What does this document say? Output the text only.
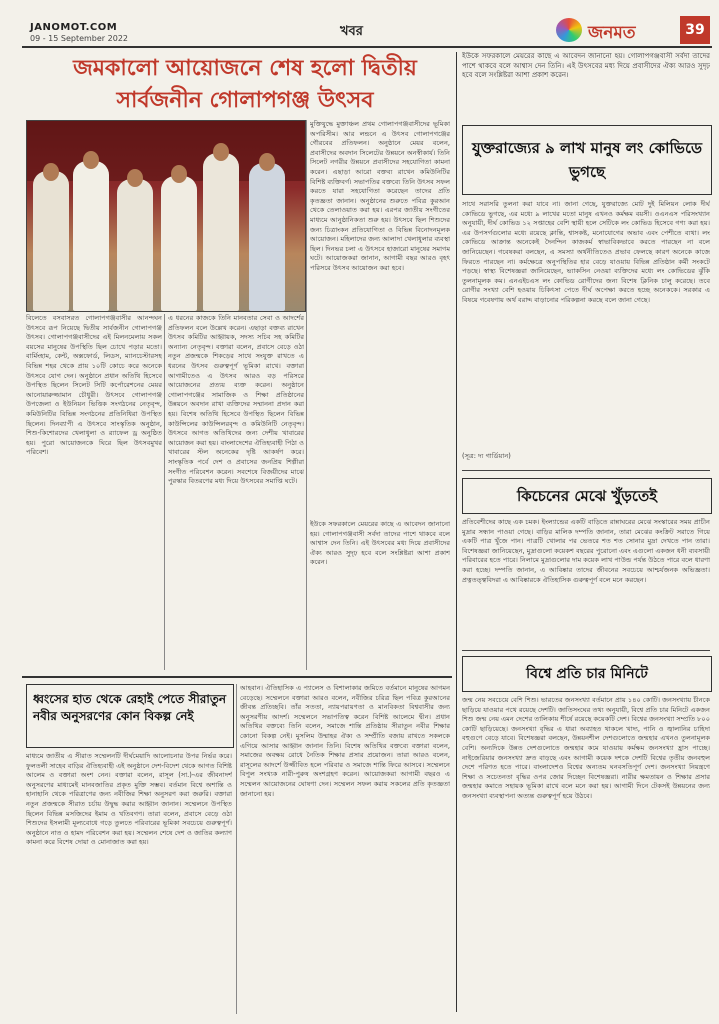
JANOMOT.COM
09 - 15 September 2022	খবর	জনমত	39
জমকালো আয়োজনে শেষ হলো দ্বিতীয় সার্বজনীন গোলাপগঞ্জ উৎসব
মুক্তিযুদ্ধে মুক্তাঞ্চল প্রথম গোলাপগঞ্জবাসীদের ভূমিকা অপরিসীম। আর লন্ডনে এ উৎসব গোলাপগঞ্জের গৌরবের প্রতিফলন। অনুষ্ঠানে মেয়র বলেন, প্রবাসীদের অবদান সিলেটের উন্নয়নে অনস্বীকার্য। তিনি সিলেট নগরীর উন্নয়নে প্রবাসীদের সহযোগিতা কামনা করেন। এছাড়া আরো বক্তব্য রাখেন কমিউনিটির বিশিষ্ট ব্যক্তিবর্গ। সভাপতির বক্তব্যে তিনি উৎসব সফল করতে যারা সহযোগিতা করেছেন তাদের প্রতি কৃতজ্ঞতা জানান। অনুষ্ঠানের শুরুতে পবিত্র কুরআন থেকে তেলাওয়াত করা হয়। এরপর জাতীয় সংগীতের মাধ্যমে আনুষ্ঠানিকতা শুরু হয়। উৎসবে ছিল শিশুদের জন্য চিত্রাংকন প্রতিযোগিতা ও বিভিন্ন বিনোদনমূলক আয়োজন। মহিলাদের জন্য আলাদা খেলাধুলার ব্যবস্থা ছিল। দিনভর চলা এ উৎসবে হাজারো মানুষের সমাগম ঘটে। আয়োজকরা জানান, আগামী বছর আরও বৃহৎ পরিসরে উৎসব আয়োজন করা হবে।
বিলেতে বসবাসরত গোলাপগঞ্জবাসীর আনন্দঘন উৎসবে রূপ নিয়েছে দ্বিতীয় সার্বজনীন গোলাপগঞ্জ উৎসব। গোলাপগঞ্জবাসীদের এই মিলনমেলায় সকল বয়সের মানুষের উপস্থিতি ছিল চোখে পড়ার মতো। বার্মিংহাম, কেন্ট, অক্সফোর্ড, লিডস, ম্যানচেস্টারসহ বিভিন্ন শহর থেকে প্রায় ১০টি কোচে করে অনেকে উৎসবে যোগ দেন। অনুষ্ঠানে প্রধান অতিথি হিসেবে উপস্থিত ছিলেন সিলেট সিটি কর্পোরেশনের মেয়র আনোয়ারুজ্জামান চৌধুরী। উৎসবে গোলাপগঞ্জ উপজেলা ও ইউনিয়ন ভিত্তিক সংগঠনের নেতৃবৃন্দ, কমিউনিটির বিভিন্ন সংগঠনের প্রতিনিধিরা উপস্থিত ছিলেন। দিনব্যাপী এ উৎসবে সাংস্কৃতিক অনুষ্ঠান, শিশু-কিশোরদের খেলাধুলা ও র‍্যাফেল ড্র অনুষ্ঠিত হয়। পুরো আয়োজনকে ঘিরে ছিল উৎসবমুখর পরিবেশ।
এ ধরনের কাজকে তিনি মানবতার সেবা ও আদর্শের প্রতিফলন বলে উল্লেখ করেন। এছাড়া বক্তব্য রাখেন উৎসব কমিটির আহ্বায়ক, সদস্য সচিব সহ কমিটির অন্যান্য নেতৃবৃন্দ। বক্তারা বলেন, প্রবাসে বেড়ে ওঠা নতুন প্রজন্মকে শিকড়ের সাথে সংযুক্ত রাখতে এ ধরনের উৎসব গুরুত্বপূর্ণ ভূমিকা রাখে। বক্তারা আগামীতেও এ উৎসব আরও বড় পরিসরে আয়োজনের প্রত্যয় ব্যক্ত করেন। অনুষ্ঠানে গোলাপগঞ্জের সামাজিক ও শিক্ষা প্রতিষ্ঠানের উন্নয়নে অবদান রাখা ব্যক্তিদের সম্মাননা প্রদান করা হয়। বিশেষ অতিথি হিসেবে উপস্থিত ছিলেন বিভিন্ন কাউন্সিলের কাউন্সিলরবৃন্দ ও কমিউনিটি নেতৃবৃন্দ। উৎসবে আগত অতিথিদের জন্য দেশীয় খাবারের আয়োজন করা হয়। বাংলাদেশের ঐতিহ্যবাহী পিঠা ও খাবারের স্টল অনেকের দৃষ্টি আকর্ষণ করে। সাংস্কৃতিক পর্বে দেশ ও প্রবাসের জনপ্রিয় শিল্পীরা সংগীত পরিবেশন করেন। সবশেষে বিজয়ীদের মাঝে পুরস্কার বিতরণের মধ্য দিয়ে উৎসবের সমাপ্তি ঘটে।
ইউকে সফরকালে মেয়রের কাছে এ আবেদন জানানো হয়। গোলাপগঞ্জবাসী সর্বদা তাদের পাশে থাকবে বলে আশ্বাস দেন তিনি। এই উৎসবের মধ্য দিয়ে প্রবাসীদের ঐক্য আরও সুদৃঢ় হবে বলে সংশ্লিষ্টরা আশা প্রকাশ করেন।
ইউকে সফরকালে মেয়রের কাছে এ আবেদন জানানো হয়। গোলাপগঞ্জবাসী সর্বদা তাদের পাশে থাকবে বলে আশ্বাস দেন তিনি। এই উৎসবের মধ্য দিয়ে প্রবাসীদের ঐক্য আরও সুদৃঢ় হবে বলে সংশ্লিষ্টরা আশা প্রকাশ করেন।
যুক্তরাজ্যের ৯ লাখ মানুষ লং কোভিডে ভুগছে
সাথে সরাসরি তুলনা করা যাবে না। জানা গেছে, যুক্তরাজ্যে মোট দুই মিলিয়ন লোক দীর্ঘ কোভিডে ভুগছে, এর মধ্যে ৯ লাখের মতো মানুষ এখনও কর্মক্ষম বয়সী। ওএনএস পরিসংখ্যান অনুযায়ী, দীর্ঘ কোভিড ১২ সপ্তাহের বেশি স্থায়ী হলে সেটিকে লং কোভিড হিসেবে গণ্য করা হয়। এর উপসর্গগুলোর মধ্যে রয়েছে ক্লান্তি, শ্বাসকষ্ট, মনোযোগের অভাব এবং পেশীতে ব্যথা। লং কোভিডে আক্রান্ত অনেকেই দৈনন্দিন কাজকর্ম স্বাভাবিকভাবে করতে পারছেন না বলে জানিয়েছেন। গবেষকরা বলছেন, এ সমস্যা অর্থনীতিতেও প্রভাব ফেলছে কারণ অনেকে কাজে ফিরতে পারছেন না। কর্মক্ষেত্রে অনুপস্থিতির হার বেড়ে যাওয়ায় বিভিন্ন প্রতিষ্ঠান কর্মী সংকটে পড়ছে। স্বাস্থ্য বিশেষজ্ঞরা জানিয়েছেন, ভ্যাকসিন নেওয়া ব্যক্তিদের মধ্যে লং কোভিডের ঝুঁকি তুলনামূলক কম। এনএইচএস লং কোভিড রোগীদের জন্য বিশেষ ক্লিনিক চালু করেছে। তবে রোগীর সংখ্যা বেশি হওয়ায় চিকিৎসা পেতে দীর্ঘ অপেক্ষা করতে হচ্ছে অনেককে। সরকার এ বিষয়ে গবেষণায় অর্থ বরাদ্দ বাড়ানোর পরিকল্পনা করছে বলে জানা গেছে।
(সূত্র: দ্য গার্ডিয়ান)
কিচেনের মেঝে খুঁড়তেই
প্রতিবেশীদের কাছে এক চমক। ইংল্যান্ডের একটি বাড়িতে রান্নাঘরের মেঝে সংস্কারের সময় প্রাচীন মুদ্রার সন্ধান পাওয়া গেছে। বাড়ির মালিক দম্পতি জানান, তারা মেঝের কংক্রিট সরাতে গিয়ে একটি পাত্র খুঁজে পান। পাত্রটি খোলার পর ভেতরে শত শত সোনার মুদ্রা দেখতে পান তারা। বিশেষজ্ঞরা জানিয়েছেন, মুদ্রাগুলো কয়েকশ বছরের পুরোনো এবং এগুলো একজন ধনী ব্যবসায়ী পরিবারের হতে পারে। নিলামে মুদ্রাগুলোর দাম কয়েক লাখ পাউন্ড পর্যন্ত উঠতে পারে বলে ধারণা করা হচ্ছে। দম্পতি জানান, এ আবিষ্কার তাদের জীবনের সবচেয়ে আশ্চর্যজনক অভিজ্ঞতা। প্রত্নতত্ত্ববিদরা এ আবিষ্কারকে ঐতিহাসিক গুরুত্বপূর্ণ বলে মনে করছেন।
বিশ্বে প্রতি চার মিনিটে
জন্ম নেয় সবচেয়ে বেশি শিশু। ভারতের জনসংখ্যা বর্তমানে প্রায় ১৪০ কোটি। জনসংখ্যায় চীনকে ছাড়িয়ে যাওয়ার পথে রয়েছে দেশটি। জাতিসংঘের তথ্য অনুযায়ী, বিশ্বে প্রতি চার মিনিটে একজন শিশু জন্ম নেয় এমন দেশের তালিকায় শীর্ষে রয়েছে কয়েকটি দেশ। বিশ্বের জনসংখ্যা সম্প্রতি ৮০০ কোটি ছাড়িয়েছে। জনসংখ্যা বৃদ্ধির এ ধারা অব্যাহত থাকলে খাদ্য, পানি ও জ্বালানির চাহিদা বহুগুণে বেড়ে যাবে। বিশেষজ্ঞরা বলছেন, উন্নয়নশীল দেশগুলোতে জন্মহার এখনও তুলনামূলক বেশি। অন্যদিকে উন্নত দেশগুলোতে জন্মহার কমে যাওয়ায় কর্মক্ষম জনসংখ্যা হ্রাস পাচ্ছে। নাইজেরিয়ার জনসংখ্যা দ্রুত বাড়ছে এবং আগামী কয়েক দশকে দেশটি বিশ্বের তৃতীয় জনবহুল দেশে পরিণত হতে পারে। বাংলাদেশও বিশ্বের অন্যতম ঘনবসতিপূর্ণ দেশ। জনসংখ্যা নিয়ন্ত্রণে শিক্ষা ও সচেতনতা বৃদ্ধির ওপর জোর দিচ্ছেন বিশেষজ্ঞরা। নারীর ক্ষমতায়ন ও শিক্ষার প্রসার জন্মহার কমাতে সহায়ক ভূমিকা রাখে বলে মনে করা হয়। আগামী দিনে টেকসই উন্নয়নের জন্য জনসংখ্যা ব্যবস্থাপনা অত্যন্ত গুরুত্বপূর্ণ হয়ে উঠবে।
ধ্বংসের হাত থেকে রেহাই পেতে সীরাতুন নবীর অনুসরণের কোন বিকল্প নেই
মাধ্যমে জাতীয় এ সীরাত সম্মেলনটি দীর্ঘমেয়াদি আলোচনার উপর নির্ভর করে। ফুলতলী সাহেব বাড়ির ঐতিহ্যবাহী এই অনুষ্ঠানে দেশ-বিদেশ থেকে আগত বিশিষ্ট আলেম ও বক্তারা অংশ নেন। বক্তারা বলেন, রাসূল (সা.)-এর জীবনাদর্শ অনুসরণের মাধ্যমেই মানবজাতির প্রকৃত মুক্তি সম্ভব। বর্তমান বিশ্বে অশান্তি ও হানাহানি থেকে পরিত্রাণের জন্য নবীজির শিক্ষা অনুসরণ করা জরুরি। বক্তারা নতুন প্রজন্মকে সীরাত চর্চায় উদ্বুদ্ধ করার আহ্বান জানান। সম্মেলনে উপস্থিত ছিলেন বিভিন্ন মসজিদের ইমাম ও খতিবগণ। তারা বলেন, প্রবাসে বেড়ে ওঠা শিশুদের ইসলামী মূল্যবোধে গড়ে তুলতে পরিবারের ভূমিকা সবচেয়ে গুরুত্বপূর্ণ। অনুষ্ঠানে নাত ও হামদ পরিবেশন করা হয়। সম্মেলন শেষে দেশ ও জাতির কল্যাণ কামনা করে বিশেষ দোয়া ও মোনাজাত করা হয়।
আহবান। ঐতিহাসিক এ প্যালেস ও বিশালাকার জমিতে বর্তমানে মানুষের আগমন বেড়েছে। সম্মেলনে বক্তারা আরও বলেন, নবীজির চরিত্র ছিল পবিত্র কুরআনের জীবন্ত প্রতিচ্ছবি। তাঁর সততা, ন্যায়পরায়ণতা ও মানবিকতা বিশ্ববাসীর জন্য অনুসরণীয় আদর্শ। সম্মেলনে সভাপতিত্ব করেন বিশিষ্ট আলেমে দ্বীন। প্রধান অতিথির বক্তব্যে তিনি বলেন, সমাজে শান্তি প্রতিষ্ঠায় সীরাতুন নবীর শিক্ষার কোনো বিকল্প নেই। মুসলিম উম্মাহর ঐক্য ও সম্প্রীতি বজায় রাখতে সকলকে এগিয়ে আসার আহ্বান জানান তিনি। বিশেষ অতিথির বক্তব্যে বক্তারা বলেন, সমাজের অবক্ষয় রোধে নৈতিক শিক্ষার প্রসার প্রয়োজন। তারা আরও বলেন, রাসূলের আদর্শে উজ্জীবিত হলে পরিবার ও সমাজে শান্তি ফিরে আসবে। সম্মেলনে বিপুল সংখ্যক নারী-পুরুষ অংশগ্রহণ করেন। আয়োজকরা আগামী বছরও এ সম্মেলন আয়োজনের ঘোষণা দেন। সম্মেলন সফল করায় সকলের প্রতি কৃতজ্ঞতা জানানো হয়।
